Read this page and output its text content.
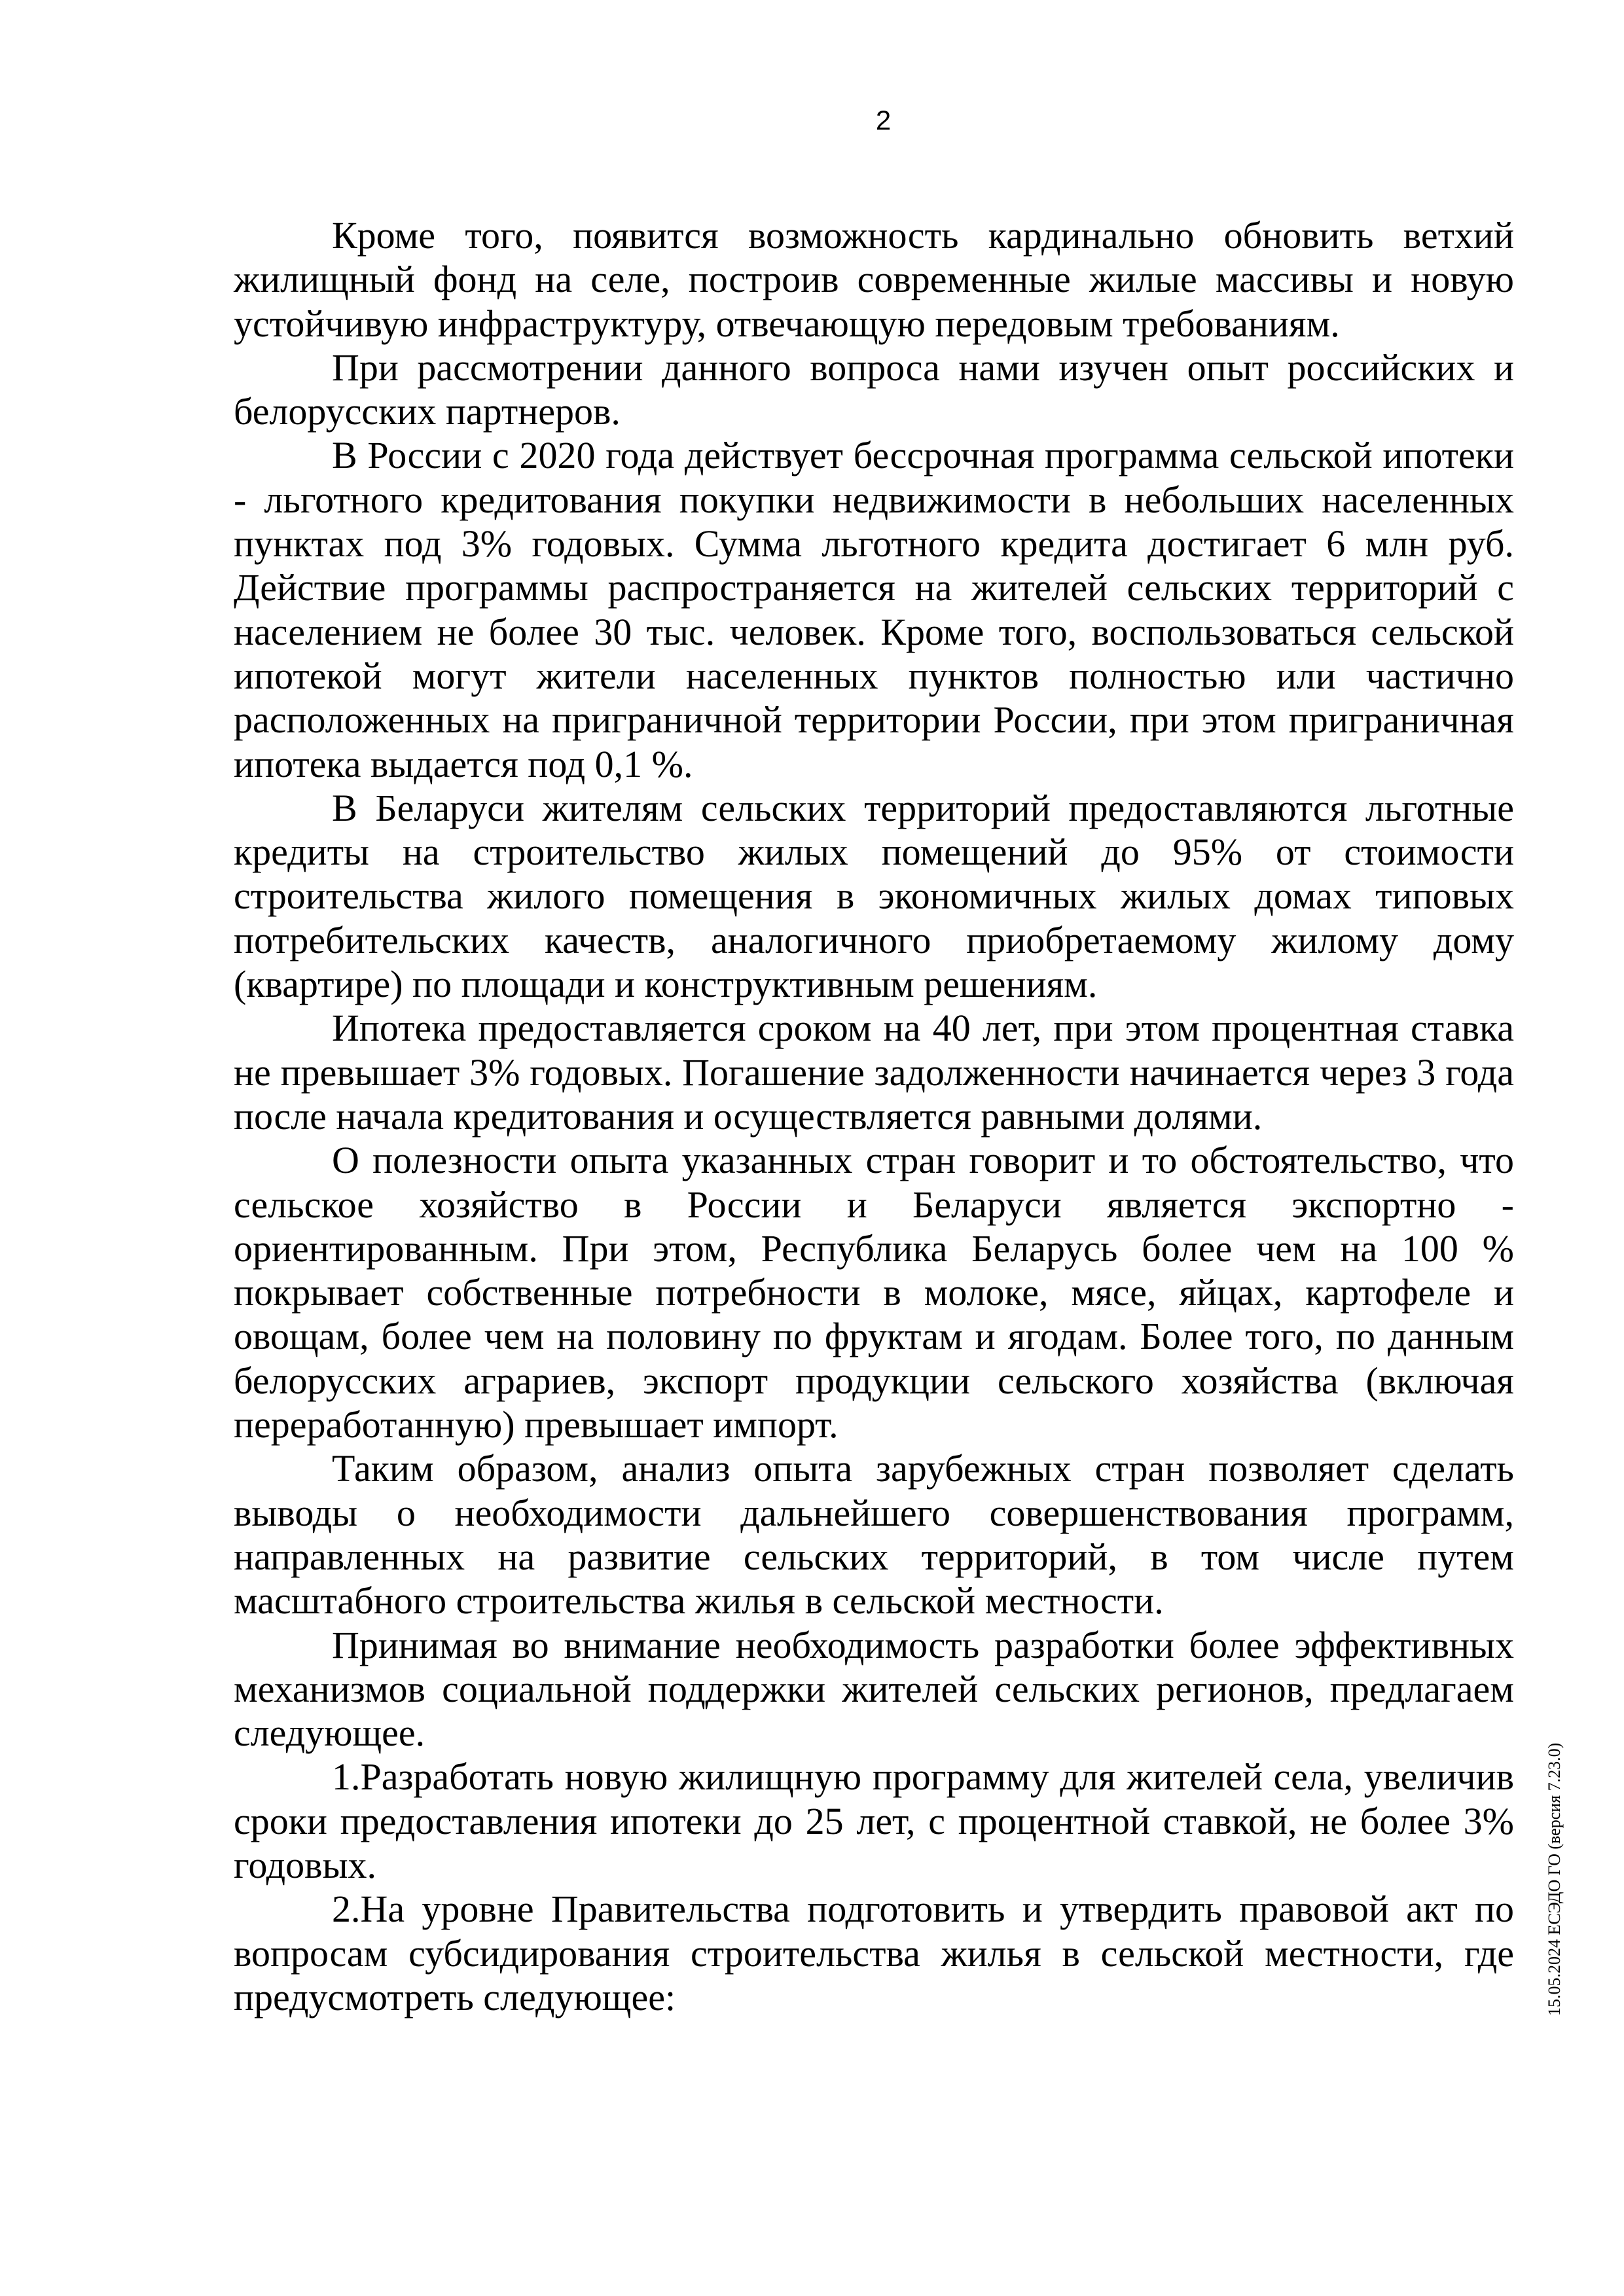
2

Кроме того, появится возможность кардинально обновить ветхий жилищный фонд на селе, построив современные жилые массивы и новую устойчивую инфраструктуру, отвечающую передовым требованиям.

При рассмотрении данного вопроса нами изучен опыт российских и белорусских партнеров.

В России с 2020 года действует бессрочная программа сельской ипотеки - льготного кредитования покупки недвижимости в небольших населенных пунктах под 3% годовых. Сумма льготного кредита достигает 6 млн руб. Действие программы распространяется на жителей сельских территорий с населением не более 30 тыс. человек. Кроме того, воспользоваться сельской ипотекой могут жители населенных пунктов полностью или частично расположенных на приграничной территории России, при этом приграничная ипотека выдается под 0,1 %.

В Беларуси жителям сельских территорий предоставляются льготные кредиты на строительство жилых помещений до 95% от стоимости строительства жилого помещения в экономичных жилых домах типовых потребительских качеств, аналогичного приобретаемому жилому дому (квартире) по площади и конструктивным решениям.

Ипотека предоставляется сроком на 40 лет, при этом процентная ставка не превышает 3% годовых. Погашение задолженности начинается через 3 года после начала кредитования и осуществляется равными долями.

О полезности опыта указанных стран говорит и то обстоятельство, что сельское хозяйство в России и Беларуси является экспортно - ориентированным. При этом, Республика Беларусь более чем на 100 % покрывает собственные потребности в молоке, мясе, яйцах, картофеле и овощам, более чем на половину по фруктам и ягодам. Более того, по данным белорусских аграриев, экспорт продукции сельского хозяйства (включая переработанную) превышает импорт.

Таким образом, анализ опыта зарубежных стран позволяет сделать выводы о необходимости дальнейшего совершенствования программ, направленных на развитие сельских территорий, в том числе путем масштабного строительства жилья в сельской местности.

Принимая во внимание необходимость разработки более эффективных механизмов социальной поддержки жителей сельских регионов, предлагаем следующее.

1.Разработать новую жилищную программу для жителей села, увеличив сроки предоставления ипотеки до 25 лет, с процентной ставкой, не более 3% годовых.

2.На уровне Правительства подготовить и утвердить правовой акт по вопросам субсидирования строительства жилья в сельской местности, где предусмотреть следующее:	15.05.2024 ЕСЭДО ГО (версия 7.23.0)
